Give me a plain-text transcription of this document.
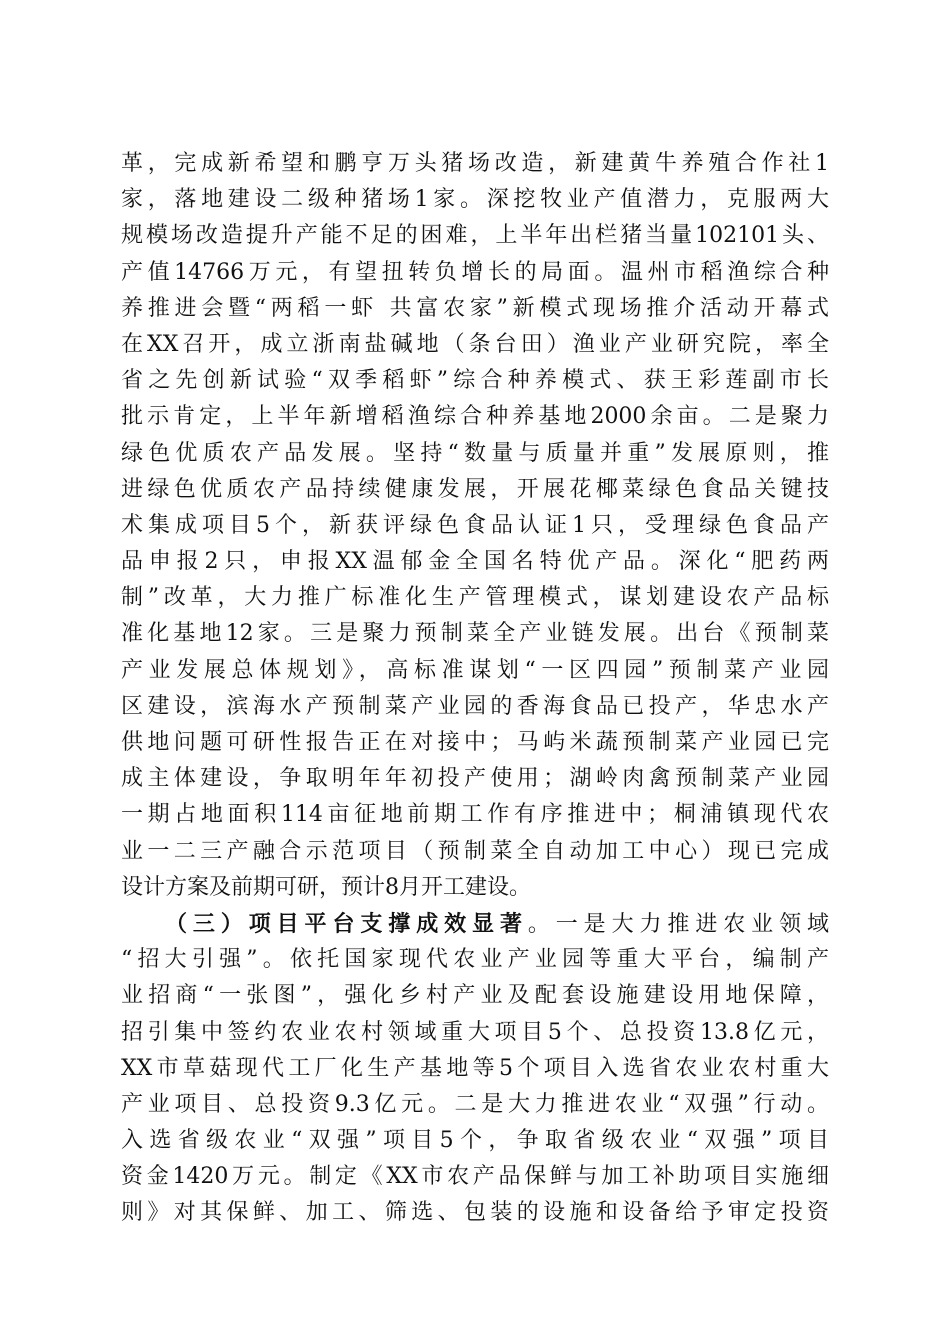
革，完成新希望和鹏亨万头猪场改造，新建黄牛养殖合作社1
家，落地建设二级种猪场1家。深挖牧业产值潜力，克服两大
规模场改造提升产能不足的困难，上半年出栏猪当量102101头、
产值14766万元，有望扭转负增长的局面。温州市稻渔综合种
养推进会暨“两稻一虾 共富农家”新模式现场推介活动开幕式
在XX召开，成立浙南盐碱地（条台田）渔业产业研究院，率全
省之先创新试验“双季稻虾”综合种养模式、获王彩莲副市长
批示肯定，上半年新增稻渔综合种养基地2000余亩。二是聚力
绿色优质农产品发展。坚持“数量与质量并重”发展原则，推
进绿色优质农产品持续健康发展，开展花椰菜绿色食品关键技
术集成项目5个，新获评绿色食品认证1只，受理绿色食品产
品申报2只，申报XX温郁金全国名特优产品。深化“肥药两
制”改革，大力推广标准化生产管理模式，谋划建设农产品标
准化基地12家。三是聚力预制菜全产业链发展。出台《预制菜
产业发展总体规划》，高标准谋划“一区四园”预制菜产业园
区建设，滨海水产预制菜产业园的香海食品已投产，华忠水产
供地问题可研性报告正在对接中；马屿米蔬预制菜产业园已完
成主体建设，争取明年年初投产使用；湖岭肉禽预制菜产业园
一期占地面积114亩征地前期工作有序推进中；桐浦镇现代农
业一二三产融合示范项目（预制菜全自动加工中心）现已完成
设计方案及前期可研，预计8月开工建设。
（三）项目平台支撑成效显著。一是大力推进农业领域
“招大引强”。依托国家现代农业产业园等重大平台，编制产
业招商“一张图”，强化乡村产业及配套设施建设用地保障，
招引集中签约农业农村领域重大项目5个、总投资13.8亿元，
XX市草菇现代工厂化生产基地等5个项目入选省农业农村重大
产业项目、总投资9.3亿元。二是大力推进农业“双强”行动。
入选省级农业“双强”项目5个，争取省级农业“双强”项目
资金1420万元。制定《XX市农产品保鲜与加工补助项目实施细
则》对其保鲜、加工、筛选、包装的设施和设备给予审定投资
